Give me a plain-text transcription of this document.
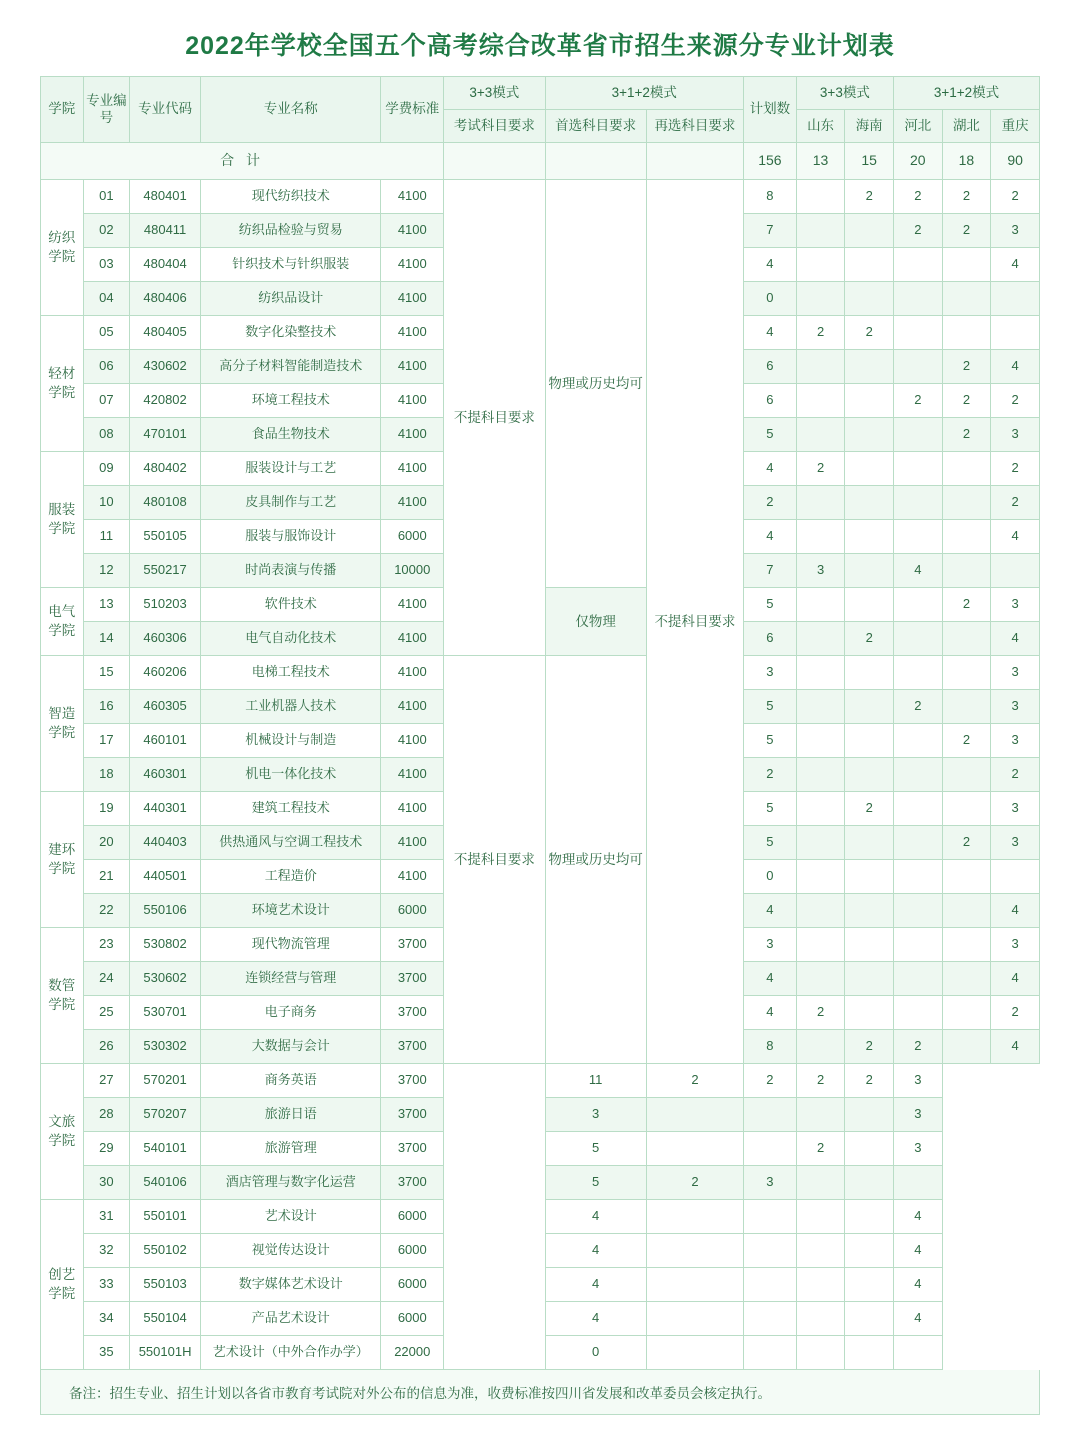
2022年学校全国五个高考综合改革省市招生来源分专业计划表
学院	专业编号	专业代码	专业名称	学费标准	3+3模式	3+1+2模式		计划数	3+3模式		3+1+2模式		
					考试科目要求	首选科目要求	再选科目要求		山东	海南	河北	湖北	重庆
合 计								156	13	15	20	18	90
纺织学院	01	480401	现代纺织技术	4100	不提科目要求	物理或历史均可	不提科目要求	8		2	2	2	2
	02	480411	纺织品检验与贸易	4100				7			2	2	3
	03	480404	针织技术与针织服装	4100				4					4
	04	480406	纺织品设计	4100				0					
轻材学院	05	480405	数字化染整技术	4100				4	2	2			
	06	430602	高分子材料智能制造技术	4100				6				2	4
	07	420802	环境工程技术	4100				6			2	2	2
	08	470101	食品生物技术	4100				5				2	3
服装学院	09	480402	服装设计与工艺	4100				4	2				2
	10	480108	皮具制作与工艺	4100				2					2
	11	550105	服装与服饰设计	6000				4					4
	12	550217	时尚表演与传播	10000				7	3		4		
电气学院	13	510203	软件技术	4100		仅物理		5				2	3
	14	460306	电气自动化技术	4100				6		2			4
智造学院	15	460206	电梯工程技术	4100	不提科目要求	物理或历史均可		3					3
	16	460305	工业机器人技术	4100				5			2		3
	17	460101	机械设计与制造	4100				5				2	3
	18	460301	机电一体化技术	4100				2					2
建环学院	19	440301	建筑工程技术	4100				5		2			3
	20	440403	供热通风与空调工程技术	4100				5				2	3
	21	440501	工程造价	4100				0					
	22	550106	环境艺术设计	6000				4					4
数管学院	23	530802	现代物流管理	3700				3					3
	24	530602	连锁经营与管理	3700				4					4
	25	530701	电子商务	3700				4	2				2
	26	530302	大数据与会计	3700				8		2	2		4
文旅学院	27	570201	商务英语	3700		11	2	2	2	2	3		
	28	570207	旅游日语	3700		3					3		
	29	540101	旅游管理	3700		5			2		3		
	30	540106	酒店管理与数字化运营	3700		5	2	3					
创艺学院	31	550101	艺术设计	6000		4					4		
	32	550102	视觉传达设计	6000		4					4		
	33	550103	数字媒体艺术设计	6000		4					4		
	34	550104	产品艺术设计	6000		4					4		
	35	550101H	艺术设计（中外合作办学）	22000		0							
备注：招生专业、招生计划以各省市教育考试院对外公布的信息为准，收费标准按四川省发展和改革委员会核定执行。
